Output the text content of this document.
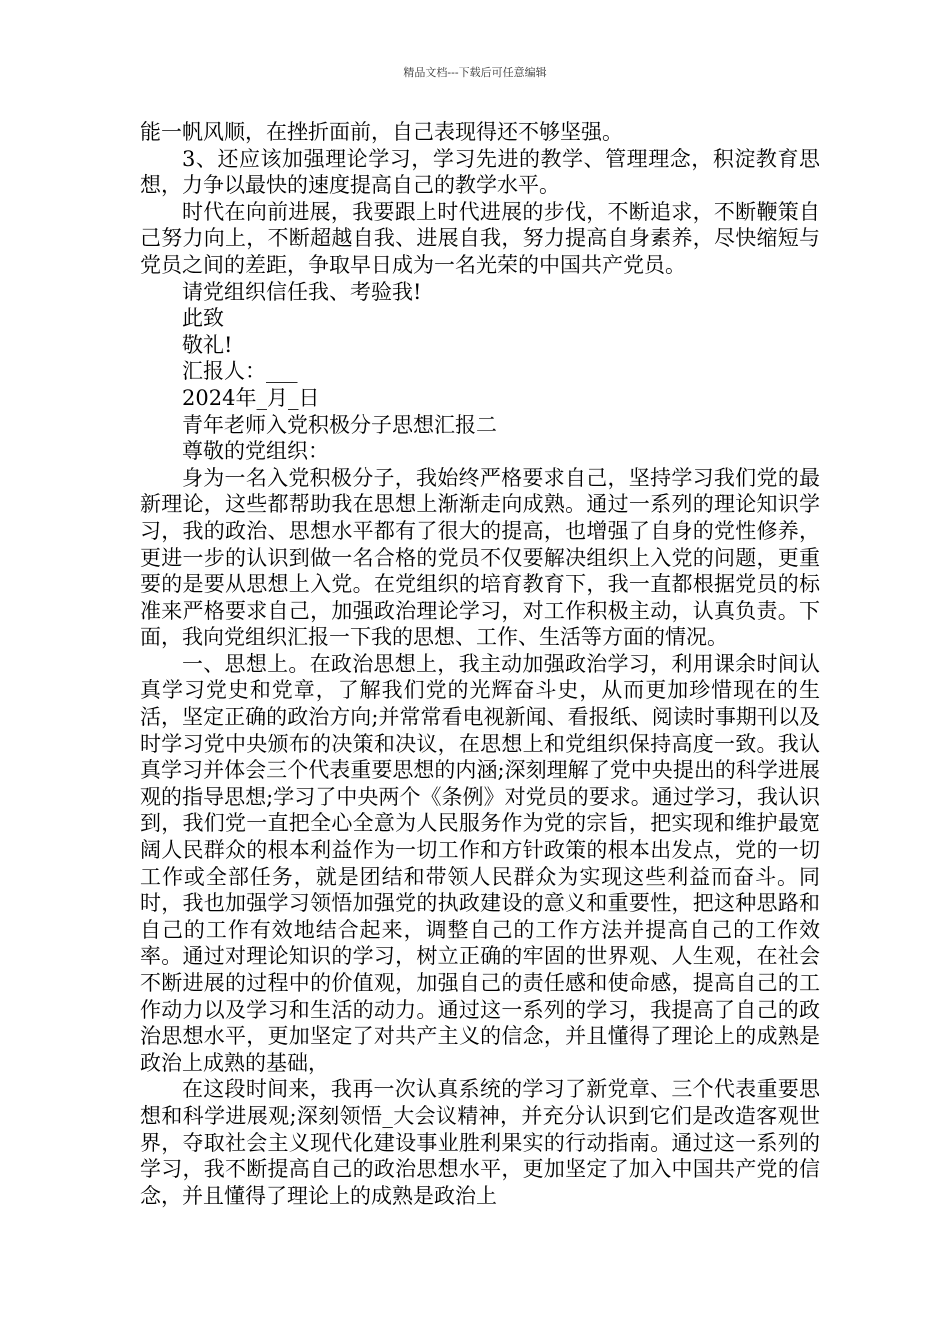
精品文档---下载后可任意编辑

能一帆风顺，在挫折面前，自己表现得还不够坚强。

3、还应该加强理论学习，学习先进的教学、管理理念，积淀教育思想，力争以最快的速度提高自己的教学水平。

时代在向前进展，我要跟上时代进展的步伐，不断追求，不断鞭策自己努力向上，不断超越自我、进展自我，努力提高自身素养，尽快缩短与党员之间的差距，争取早日成为一名光荣的中国共产党员。

请党组织信任我、考验我!

此致

敬礼!

汇报人：___

2024年_月_日

青年老师入党积极分子思想汇报二

尊敬的党组织：

身为一名入党积极分子，我始终严格要求自己，坚持学习我们党的最新理论，这些都帮助我在思想上渐渐走向成熟。通过一系列的理论知识学习，我的政治、思想水平都有了很大的提高，也增强了自身的党性修养，更进一步的认识到做一名合格的党员不仅要解决组织上入党的问题，更重要的是要从思想上入党。在党组织的培育教育下，我一直都根据党员的标准来严格要求自己，加强政治理论学习，对工作积极主动，认真负责。下面，我向党组织汇报一下我的思想、工作、生活等方面的情况。

一、思想上。在政治思想上，我主动加强政治学习，利用课余时间认真学习党史和党章，了解我们党的光辉奋斗史，从而更加珍惜现在的生活，坚定正确的政治方向;并常常看电视新闻、看报纸、阅读时事期刊以及时学习党中央颁布的决策和决议，在思想上和党组织保持高度一致。我认真学习并体会三个代表重要思想的内涵;深刻理解了党中央提出的科学进展观的指导思想;学习了中央两个《条例》对党员的要求。通过学习，我认识到，我们党一直把全心全意为人民服务作为党的宗旨，把实现和维护最宽阔人民群众的根本利益作为一切工作和方针政策的根本出发点，党的一切工作或全部任务，就是团结和带领人民群众为实现这些利益而奋斗。同时，我也加强学习领悟加强党的执政建设的意义和重要性，把这种思路和自己的工作有效地结合起来，调整自己的工作方法并提高自己的工作效率。通过对理论知识的学习，树立正确的牢固的世界观、人生观，在社会不断进展的过程中的价值观，加强自己的责任感和使命感，提高自己的工作动力以及学习和生活的动力。通过这一系列的学习，我提高了自己的政治思想水平，更加坚定了对共产主义的信念，并且懂得了理论上的成熟是政治上成熟的基础，

在这段时间来，我再一次认真系统的学习了新党章、三个代表重要思想和科学进展观;深刻领悟_大会议精神，并充分认识到它们是改造客观世界，夺取社会主义现代化建设事业胜利果实的行动指南。通过这一系列的学习，我不断提高自己的政治思想水平，更加坚定了加入中国共产党的信念，并且懂得了理论上的成熟是政治上
